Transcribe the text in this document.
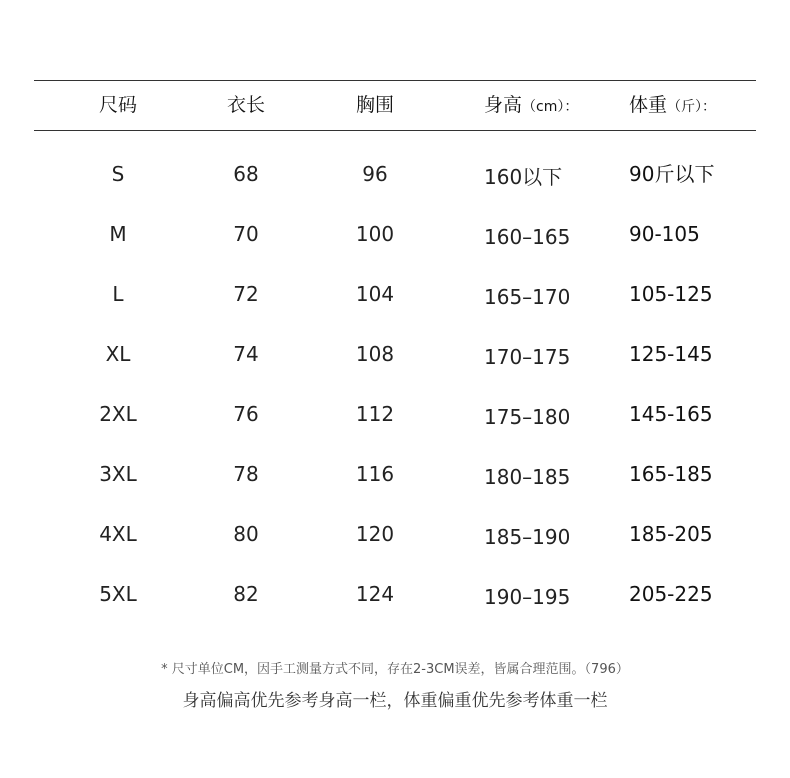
尺码	衣长	胸围	身高（cm）：	体重（斤）：
S	68	96	160以下	90斤以下
M	70	100	160–165	90-105
L	72	104	165–170	105-125
XL	74	108	170–175	125-145
2XL	76	112	175–180	145-165
3XL	78	116	180–185	165-185
4XL	80	120	185–190	185-205
5XL	82	124	190–195	205-225
* 尺寸单位CM，因手工测量方式不同，存在2-3CM误差，皆属合理范围。（796）
身高偏高优先参考身高一栏，体重偏重优先参考体重一栏
